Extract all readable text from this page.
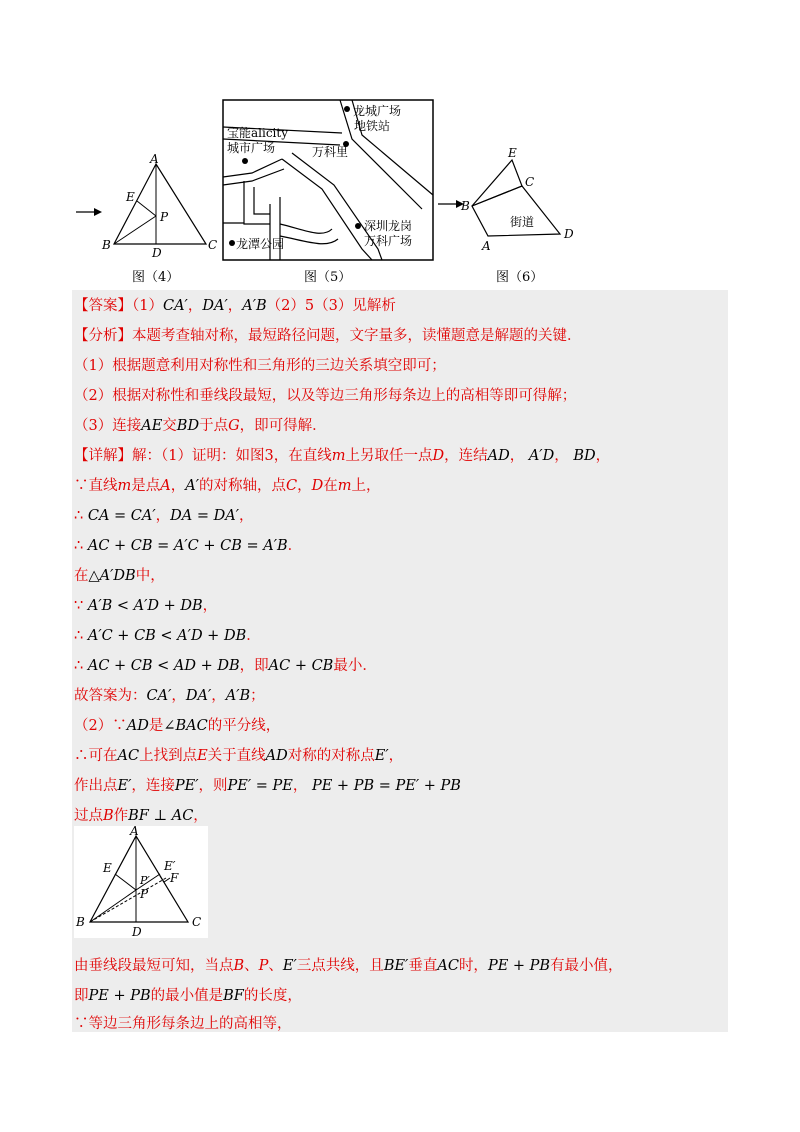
A
E
P
B
D
C
图（4）
龙城广场
地铁站
宝能alicity
城市广场	万科里
深圳龙岗
万科广场
龙潭公园
图（5）
E
C
B
D
A
街道
图（6）
【答案】（1）CA′，DA′，A′B（2）5（3）见解析
【分析】本题考查轴对称，最短路径问题，文字量多，读懂题意是解题的关键．
（1）根据题意利用对称性和三角形的三边关系填空即可；
（2）根据对称性和垂线段最短，以及等边三角形每条边上的高相等即可得解；
（3）连接AE交BD于点G，即可得解．
【详解】解：（1）证明：如图3，在直线m上另取任一点D，连结AD， A′D， BD，
∵直线m是点A，A′的对称轴，点C，D在m上，
∴ CA = CA′，DA = DA′，
∴ AC + CB = A′C + CB = A′B．
在△A′DB中，
∵ A′B < A′D + DB，
∴ A′C + CB < A′D + DB．
∴ AC + CB < AD + DB，即AC + CB最小．
故答案为：CA′，DA′，A′B；
（2）∵AD是∠BAC的平分线，
∴可在AC上找到点E关于直线AD对称的对称点E′，
作出点E′，连接PE′，则PE′ = PE， PE + PB = PE′ + PB
过点B作BF ⊥ AC，
A
E	E′
P′ F
P
B	C
D
由垂线段最短可知，当点B、P、E′三点共线，且BE′垂直AC时，PE + PB有最小值，
即PE + PB的最小值是BF的长度，
∵等边三角形每条边上的高相等，
